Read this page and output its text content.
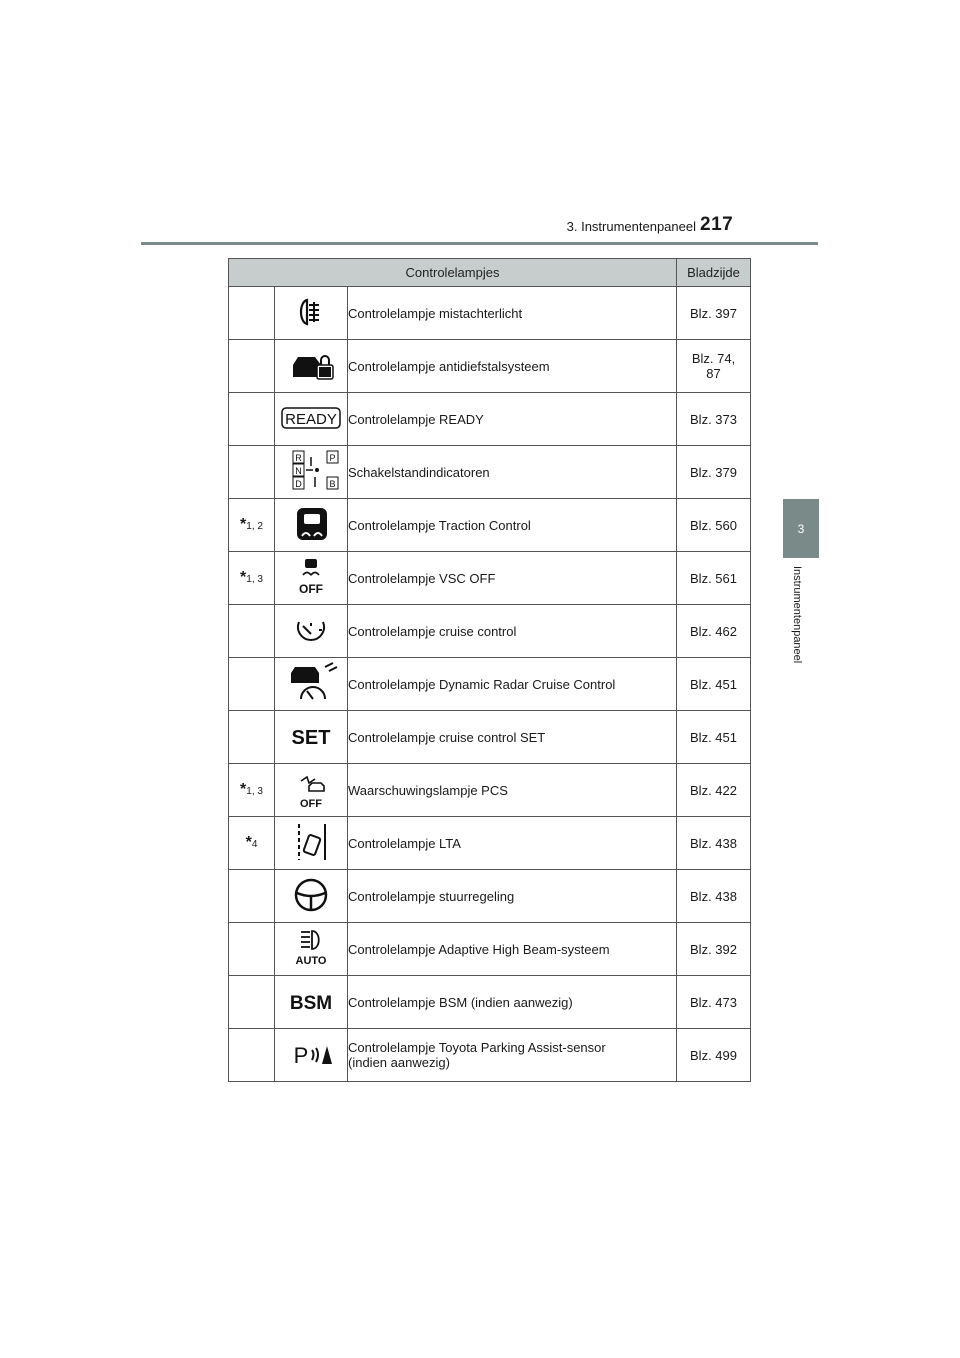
3. Instrumentenpaneel 217
3
Instrumentenpaneel
Controlelampjes			Bladzijde

	Controlelampje mistachterlicht	Blz. 397

	Controlelampje antidiefstalsysteem	Blz. 74,
87

READY	Controlelampje READY	Blz. 373

R
N
D
P
B	Schakelstandindicatoren	Blz. 379
*1, 2		Controlelampje Traction Control	Blz. 560
*1, 3	OFF	Controlelampje VSC OFF	Blz. 561

	Controlelampje cruise control	Blz. 462

	Controlelampje Dynamic Radar Cruise Control	Blz. 451

SET	Controlelampje cruise control SET	Blz. 451
*1, 3	OFF	Waarschuwingslampje PCS	Blz. 422
*4		Controlelampje LTA	Blz. 438

	Controlelampje stuurregeling	Blz. 438

AUTO	Controlelampje Adaptive High Beam-systeem	Blz. 392

BSM	Controlelampje BSM (indien aanwezig)	Blz. 473

P	Controlelampje Toyota Parking Assist-sensor
(indien aanwezig)	Blz. 499
